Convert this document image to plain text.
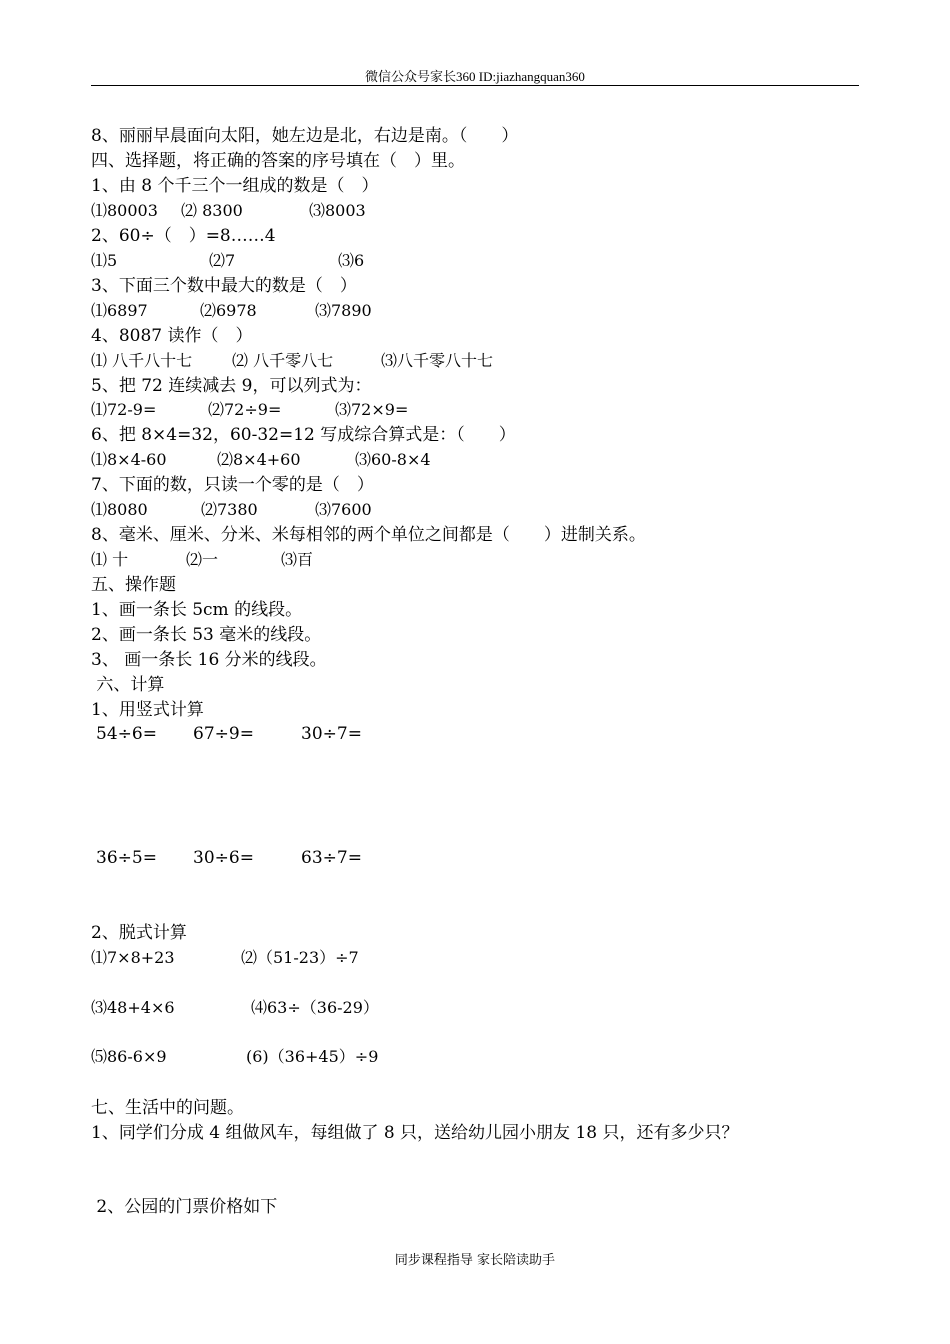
微信公众号家长360 ID:jiazhangquan360
8、丽丽早晨面向太阳，她左边是北，右边是南。（　　）
四、选择题，将正确的答案的序号填在（　）里。
1、由 8 个千三个一组成的数是（　）

⑴80003

⑵ 8300

	⑶8003

2、60÷（　）=8……4

⑴5

	⑵7

	⑶6

3、下面三个数中最大的数是（　）

⑴6897

	⑵6978

	⑶7890

4、8087 读作（　）

⑴ 八千八十七

⑵ 八千零八七

	⑶八千零八十七

5、把 72 连续减去 9，可以列式为：

⑴72-9=

	⑵72÷9=

	⑶72×9=

6、把 8×4=32，60-32=12 写成综合算式是：（　　）

⑴8×4-60

	⑵8×4+60

	⑶60-8×4

7、下面的数，只读一个零的是（　）

⑴8080

	⑵7380

	⑶7600

8、毫米、厘米、分米、米每相邻的两个单位之间都是（　　）进制关系。

⑴ 十

	⑵一

	⑶百

五、操作题
1、画一条长 5cm 的线段。
2、画一条长 53 毫米的线段。
3、 画一条长 16 分米的线段。
六、计算
1、用竖式计算

54÷6=

67÷9=

	30÷7=

36÷5=

30÷6=

	63÷7=

2、脱式计算

⑴7×8+23

	⑵（51-23）÷7

⑶48+4×6

	⑷63÷（36-29）

⑸86-6×9

	(6)（36+45）÷9

七、生活中的问题。
1、同学们分成 4 组做风车，每组做了 8 只，送给幼儿园小朋友 18 只，还有多少只？
2、公园的门票价格如下
同步课程指导 家长陪读助手
